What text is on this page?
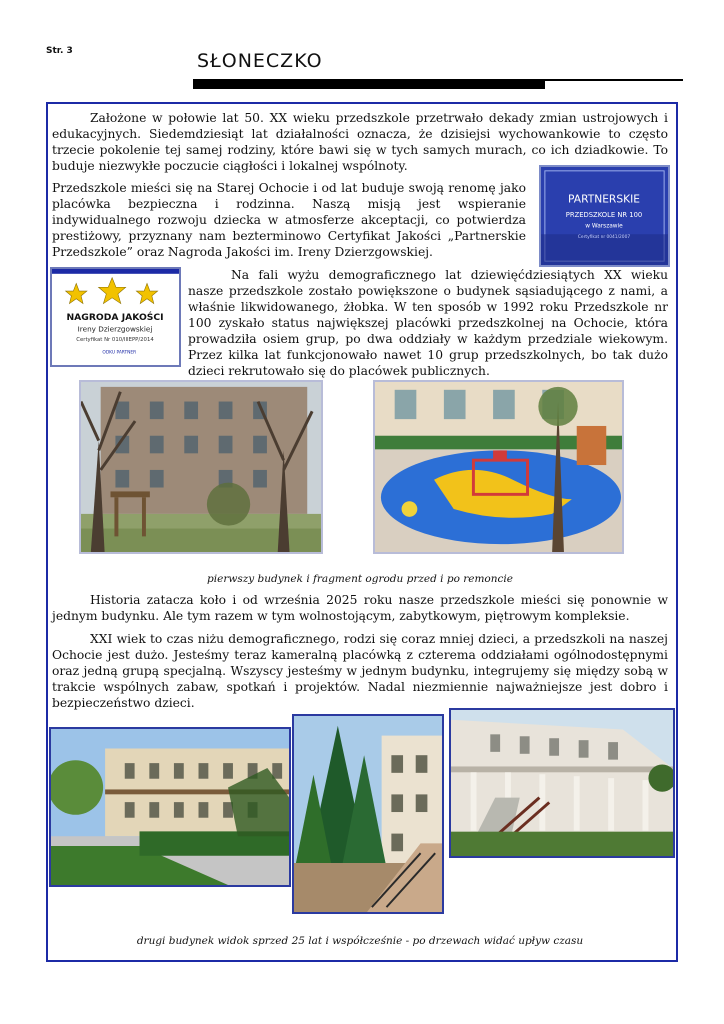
Str. 3	SŁONECZKO

Założone w połowie lat 50. XX wieku przedszkole przetrwało dekady zmian ustrojowych i edukacyjnych. Siedemdziesiąt lat działalności oznacza, że dzisiejsi wychowankowie to często trzecie pokolenie tej samej rodziny, które bawi się w tych samych murach, co ich dziadkowie. To buduje niezwykłe poczucie ciągłości i lokalnej wspólnoty.

Przedszkole mieści się na Starej Ochocie i od lat buduje swoją renomę jako placówka bezpieczna i rodzinna. Naszą misją jest wspieranie indywidualnego rozwoju dziecka w atmosferze akceptacji, co potwierdza prestiżowy, przyznany nam bezterminowo Certyfikat Jakości „Partnerskie Przedszkole” oraz Nagroda Jakości im. Ireny Dzierzgowskiej.

PARTNERSKIE
PRZEDSZKOLE NR 100
w Warszawie
Certyfikat nr 0041/2007
NAGRODA JAKOŚCI
Ireny Dzierzgowskiej
Certyfikat Nr 010/IIIEPP/2014
ODKU PARTNER

Na fali wyżu demograficznego lat dziewięćdziesiątych XX wieku nasze przedszkole zostało powiększone o budynek sąsiadującego z nami, a właśnie likwidowanego, żłobka. W ten sposób w 1992 roku Przedszkole nr 100 zyskało status największej placówki przedszkolnej na Ochocie, która prowadziła osiem grup, po dwa oddziały w każdym przedziale wiekowym. Przez kilka lat funkcjonowało nawet 10 grup przedszkolnych, bo tak dużo dzieci rekrutowało się do placówek publicznych.

pierwszy budynek i fragment ogrodu przed i po remoncie

Historia zatacza koło i od września 2025 roku nasze przedszkole mieści się ponownie w jednym budynku. Ale tym razem w tym wolnostojącym, zabytkowym, piętrowym kompleksie.

XXI wiek to czas niżu demograficznego, rodzi się coraz mniej dzieci, a przedszkoli na naszej Ochocie jest dużo. Jesteśmy teraz kameralną placówką z czterema oddziałami ogólnodostępnymi oraz jedną grupą specjalną. Wszyscy jesteśmy w jednym budynku, integrujemy się między sobą w trakcie wspólnych zabaw, spotkań i projektów. Nadal niezmiennie najważniejsze jest dobro i bezpieczeństwo dzieci.

drugi budynek widok sprzed 25 lat i współcześnie - po drzewach widać upływ czasu
